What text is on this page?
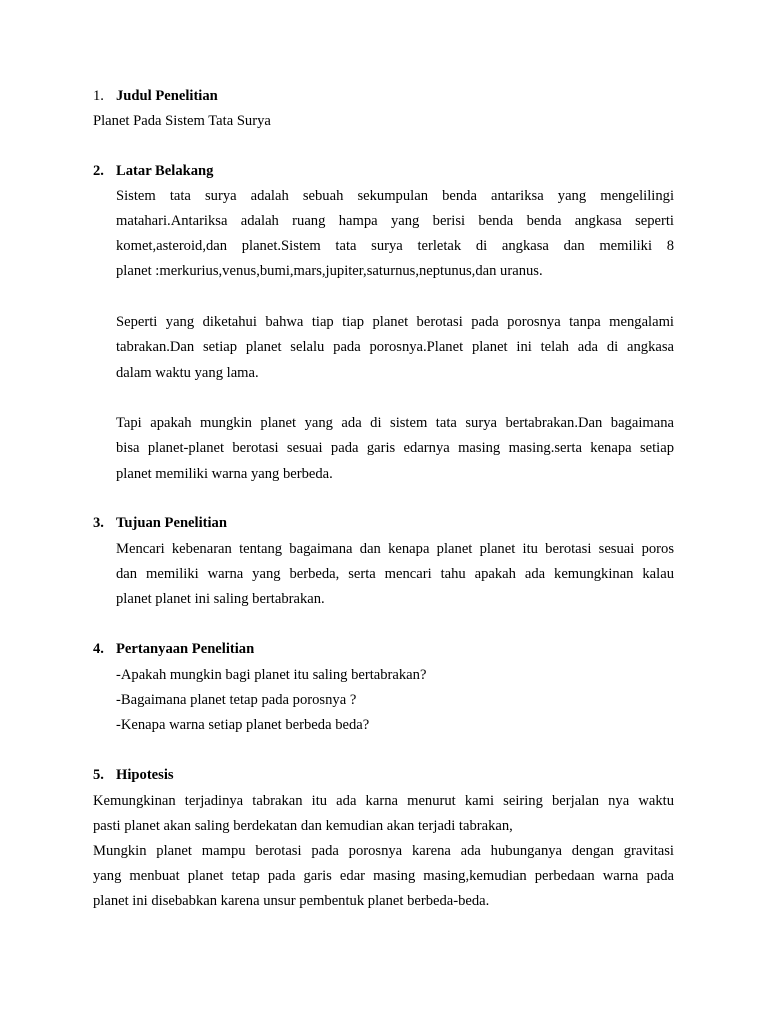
1. Judul Penelitian
Planet Pada Sistem Tata Surya
2. Latar Belakang
Sistem tata surya adalah sebuah sekumpulan benda antariksa yang mengelilingi
matahari.Antariksa adalah ruang hampa yang berisi benda benda angkasa seperti
komet,asteroid,dan planet.Sistem tata surya terletak di angkasa dan memiliki 8
planet :merkurius,venus,bumi,mars,jupiter,saturnus,neptunus,dan uranus.
Seperti yang diketahui bahwa tiap tiap planet berotasi pada porosnya tanpa mengalami
tabrakan.Dan setiap planet selalu pada porosnya.Planet planet ini telah ada di angkasa
dalam waktu yang lama.
Tapi apakah mungkin planet yang ada di sistem tata surya bertabrakan.Dan bagaimana
bisa planet-planet berotasi sesuai pada garis edarnya masing masing.serta kenapa setiap
planet memiliki warna yang berbeda.
3. Tujuan Penelitian
Mencari kebenaran tentang bagaimana dan kenapa planet planet itu berotasi sesuai poros
dan memiliki warna yang berbeda, serta mencari tahu apakah ada kemungkinan kalau
planet planet ini saling bertabrakan.
4. Pertanyaan Penelitian
-Apakah mungkin bagi planet itu saling bertabrakan?
-Bagaimana planet tetap pada porosnya ?
-Kenapa warna setiap planet berbeda beda?
5. Hipotesis
Kemungkinan terjadinya tabrakan itu ada karna menurut kami seiring berjalan nya waktu
pasti planet akan saling berdekatan dan kemudian akan terjadi tabrakan,
Mungkin planet mampu berotasi pada porosnya karena ada hubunganya dengan gravitasi
yang menbuat planet tetap pada garis edar masing masing,kemudian perbedaan warna pada
planet ini disebabkan karena unsur pembentuk planet berbeda-beda.
